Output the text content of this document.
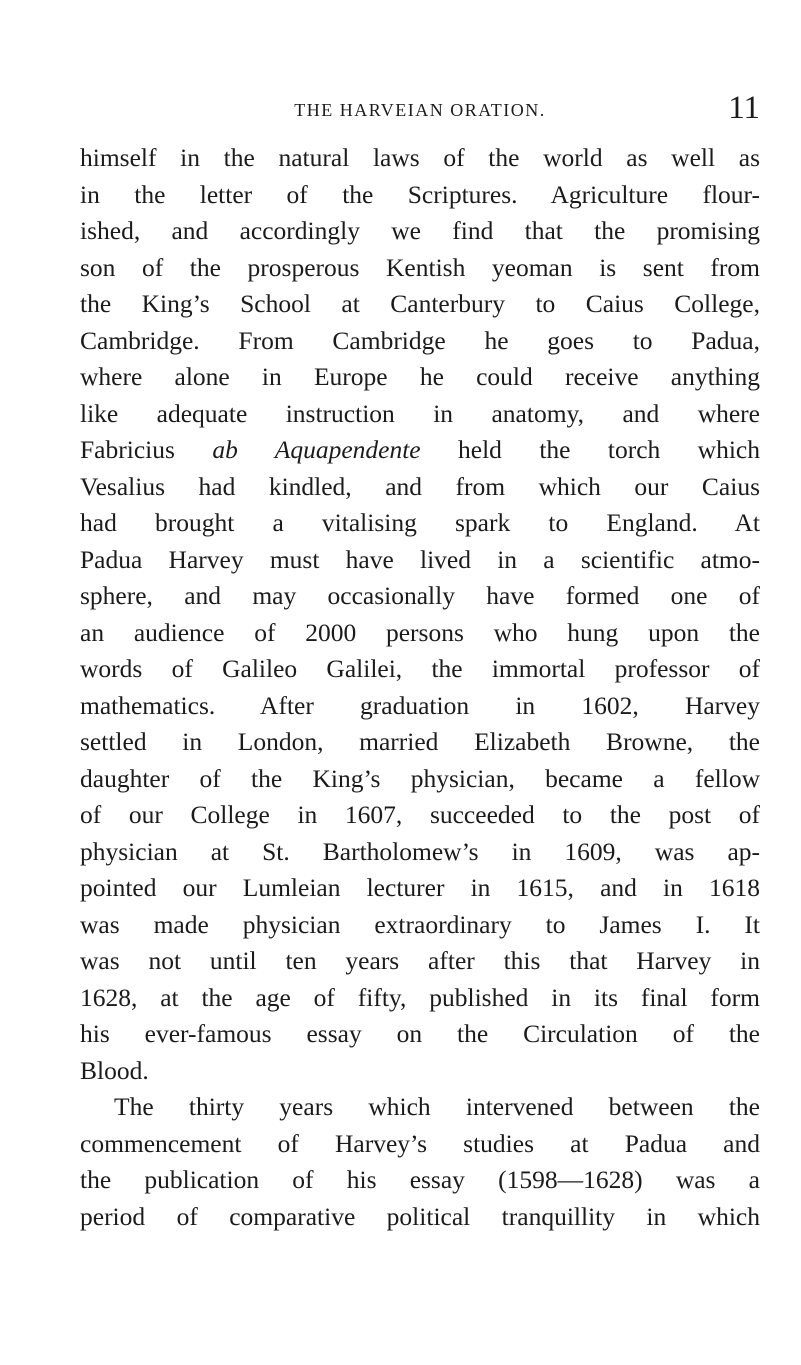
THE HARVEIAN ORATION.	11
himself in the natural laws of the world as well as
in the letter of the Scriptures. Agriculture flour-
ished, and accordingly we find that the promising
son of the prosperous Kentish yeoman is sent from
the King’s School at Canterbury to Caius College,
Cambridge. From Cambridge he goes to Padua,
where alone in Europe he could receive anything
like adequate instruction in anatomy, and where
Fabricius ab Aquapendente held the torch which
Vesalius had kindled, and from which our Caius
had brought a vitalising spark to England. At
Padua Harvey must have lived in a scientific atmo-
sphere, and may occasionally have formed one of
an audience of 2000 persons who hung upon the
words of Galileo Galilei, the immortal professor of
mathematics. After graduation in 1602, Harvey
settled in London, married Elizabeth Browne, the
daughter of the King’s physician, became a fellow
of our College in 1607, succeeded to the post of
physician at St. Bartholomew’s in 1609, was ap-
pointed our Lumleian lecturer in 1615, and in 1618
was made physician extraordinary to James I. It
was not until ten years after this that Harvey in
1628, at the age of fifty, published in its final form
his ever-famous essay on the Circulation of the
Blood.
The thirty years which intervened between the
commencement of Harvey’s studies at Padua and
the publication of his essay (1598—1628) was a
period of comparative political tranquillity in which
